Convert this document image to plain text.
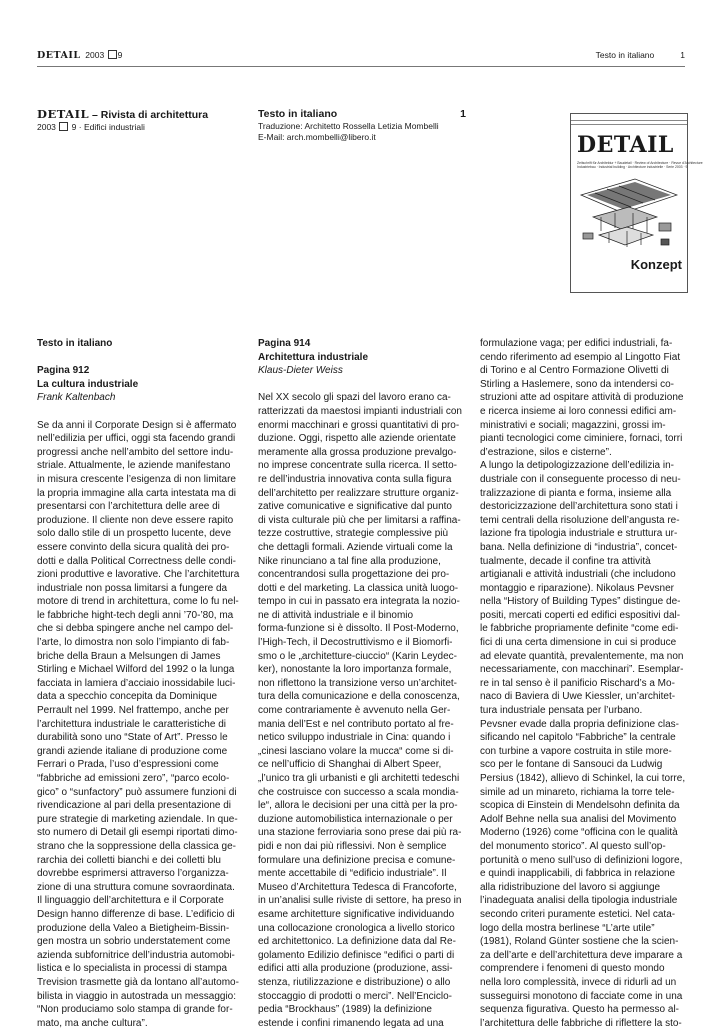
DETAIL 2003 9	Testo in italiano	1
DETAIL – Rivista di architettura
2003 9 · Edifici industriali
Testo in italiano	1
Traduzione: Architetto Rossella Letizia Mombelli
E-Mail: arch.mombelli@libero.it	DETAIL
Zeitschrift für Architektur + Baudetail · Review of Architecture · Revue d'Architecture
Industriebau · Industrial building · Architecture industrielle · Serie 2003 · 9
Konzept

Testo in italiano

Pagina 912

La cultura industriale

Frank Kaltenbach

Se da anni il Corporate Design si è affermato

nell’edilizia per uffici, oggi sta facendo grandi

progressi anche nell’ambito del settore indu-

striale. Attualmente, le aziende manifestano

in misura crescente l’esigenza di non limitare

la propria immagine alla carta intestata ma di

presentarsi con l’architettura delle aree di

produzione. Il cliente non deve essere rapito

solo dallo stile di un prospetto lucente, deve

essere convinto della sicura qualità dei pro-

dotti e dalla Political Correctness delle condi-

zioni produttive e lavorative. Che l’architettura

industriale non possa limitarsi a fungere da

motore di trend in architettura, come lo fu nel-

le fabbriche hight-tech degli anni ’70-’80, ma

che si debba spingere anche nel campo del-

l’arte, lo dimostra non solo l’impianto di fab-

briche della Braun a Melsungen di James

Stirling e Michael Wilford del 1992 o la lunga

facciata in lamiera d’acciaio inossidabile luci-

data a specchio concepita da Dominique

Perrault nel 1999. Nel frattempo, anche per

l’architettura industriale le caratteristiche di

durabilità sono uno “State of Art”. Presso le

grandi aziende italiane di produzione come

Ferrari o Prada, l’uso d’espressioni come

“fabbriche ad emissioni zero”, “parco ecolo-

gico” o “sunfactory” può assumere funzioni di

rivendicazione al pari della presentazione di

pure strategie di marketing aziendale. In que-

sto numero di Detail gli esempi riportati dimo-

strano che la soppressione della classica ge-

rarchia dei colletti bianchi e dei colletti blu

dovrebbe esprimersi attraverso l’organizza-

zione di una struttura comune sovraordinata.

Il linguaggio dell’architettura e il Corporate

Design hanno differenze di base. L’edificio di

produzione della Valeo a Bietigheim-Bissin-

gen mostra un sobrio understatement come

azienda subfornitrice dell’industria automobi-

listica e lo specialista in processi di stampa

Trevision trasmette già da lontano all’automo-

bilista in viaggio in autostrada un messaggio:

“Non produciamo solo stampa di grande for-

mato, ma anche cultura”.

Pagina 914

Architettura industriale

Klaus-Dieter Weiss

Nel XX secolo gli spazi del lavoro erano ca-

ratterizzati da maestosi impianti industriali con

enormi macchinari e grossi quantitativi di pro-

duzione. Oggi, rispetto alle aziende orientate

meramente alla grossa produzione prevalgo-

no imprese concentrate sulla ricerca. Il setto-

re dell’industria innovativa conta sulla figura

dell’architetto per realizzare strutture organiz-

zative comunicative e significative dal punto

di vista culturale più che per limitarsi a raffina-

tezze costruttive, strategie complessive più

che dettagli formali. Aziende virtuali come la

Nike rinunciano a tal fine alla produzione,

concentrandosi sulla progettazione dei pro-

dotti e del marketing. La classica unità luogo-

tempo in cui in passato era integrata la nozio-

ne di attività industriale e il binomio

forma-funzione si è dissolto. Il Post-Moderno,

l’High-Tech, il Decostruttivismo e il Biomorfi-

smo o le „architetture-ciuccio“ (Karin Leydec-

ker), nonostante la loro importanza formale,

non riflettono la transizione verso un’architet-

tura della comunicazione e della conoscenza,

come contrariamente è avvenuto nella Ger-

mania dell’Est e nel contributo portato al fre-

netico sviluppo industriale in Cina: quando i

„cinesi lasciano volare la mucca“ come si di-

ce nell’ufficio di Shanghai di Albert Speer,

„l’unico tra gli urbanisti e gli architetti tedeschi

che costruisce con successo a scala mondia-

le“, allora le decisioni per una città per la pro-

duzione automobilistica internazionale o per

una stazione ferroviaria sono prese dai più ra-

pidi e non dai più riflessivi. Non è semplice

formulare una definizione precisa e comune-

mente accettabile di “edificio industriale”. Il

Museo d’Architettura Tedesca di Francoforte,

in un’analisi sulle riviste di settore, ha preso in

esame architetture significative individuando

una collocazione cronologica a livello storico

ed architettonico. La definizione data dal Re-

golamento Edilizio definisce “edifici o parti di

edifici atti alla produzione (produzione, assi-

stenza, riutilizzazione e distribuzione) o allo

stoccaggio di prodotti o merci”. Nell’Enciclo-

pedia “Brockhaus” (1989) la definizione

estende i confini rimanendo legata ad una

formulazione vaga; per edifici industriali, fa-

cendo riferimento ad esempio al Lingotto Fiat

di Torino e al Centro Formazione Olivetti di

Stirling a Haslemere, sono da intendersi co-

struzioni atte ad ospitare attività di produzione

e ricerca insieme ai loro connessi edifici am-

ministrativi e sociali; magazzini, grossi im-

pianti tecnologici come ciminiere, fornaci, torri

d’estrazione, silos e cisterne”.

A lungo la detipologizzazione dell’edilizia in-

dustriale con il conseguente processo di neu-

tralizzazione di pianta e forma, insieme alla

destoricizzazione dell’architettura sono stati i

temi centrali della risoluzione dell’angusta re-

lazione fra tipologia industriale e struttura ur-

bana. Nella definizione di “industria”, concet-

tualmente, decade il confine tra attività

artigianali e attività industriali (che includono

montaggio e riparazione). Nikolaus Pevsner

nella “History of Building Types” distingue de-

positi, mercati coperti ed edifici espositivi dal-

le fabbriche propriamente definite “come edi-

fici di una certa dimensione in cui si produce

ad elevate quantità, prevalentemente, ma non

necessariamente, con macchinari”. Esemplar-

re in tal senso è il panificio Rischard’s a Mo-

naco di Baviera di Uwe Kiessler, un’architet-

tura industriale pensata per l’urbano.

Pevsner evade dalla propria definizione clas-

sificando nel capitolo “Fabbriche” la centrale

con turbine a vapore costruita in stile more-

sco per le fontane di Sansouci da Ludwig

Persius (1842), allievo di Schinkel, la cui torre,

simile ad un minareto, richiama la torre tele-

scopica di Einstein di Mendelsohn definita da

Adolf Behne nella sua analisi del Movimento

Moderno (1926) come “officina con le qualità

del monumento storico”. Al questo sull’op-

portunità o meno sull’uso di definizioni logore,

e quindi inapplicabili, di fabbrica in relazione

alla ridistribuzione del lavoro si aggiunge

l’inadeguata analisi della tipologia industriale

secondo criteri puramente estetici. Nel cata-

logo della mostra berlinese “L’arte utile”

(1981), Roland Günter sostiene che la scien-

za dell’arte e dell’architettura deve imparare a

comprendere i fenomeni di questo mondo

nella loro complessità, invece di ridurli ad un

susseguirsi monotono di facciate come in una

sequenza figurativa. Questo ha permesso al-

l’architettura delle fabbriche di riflettere la sto-
